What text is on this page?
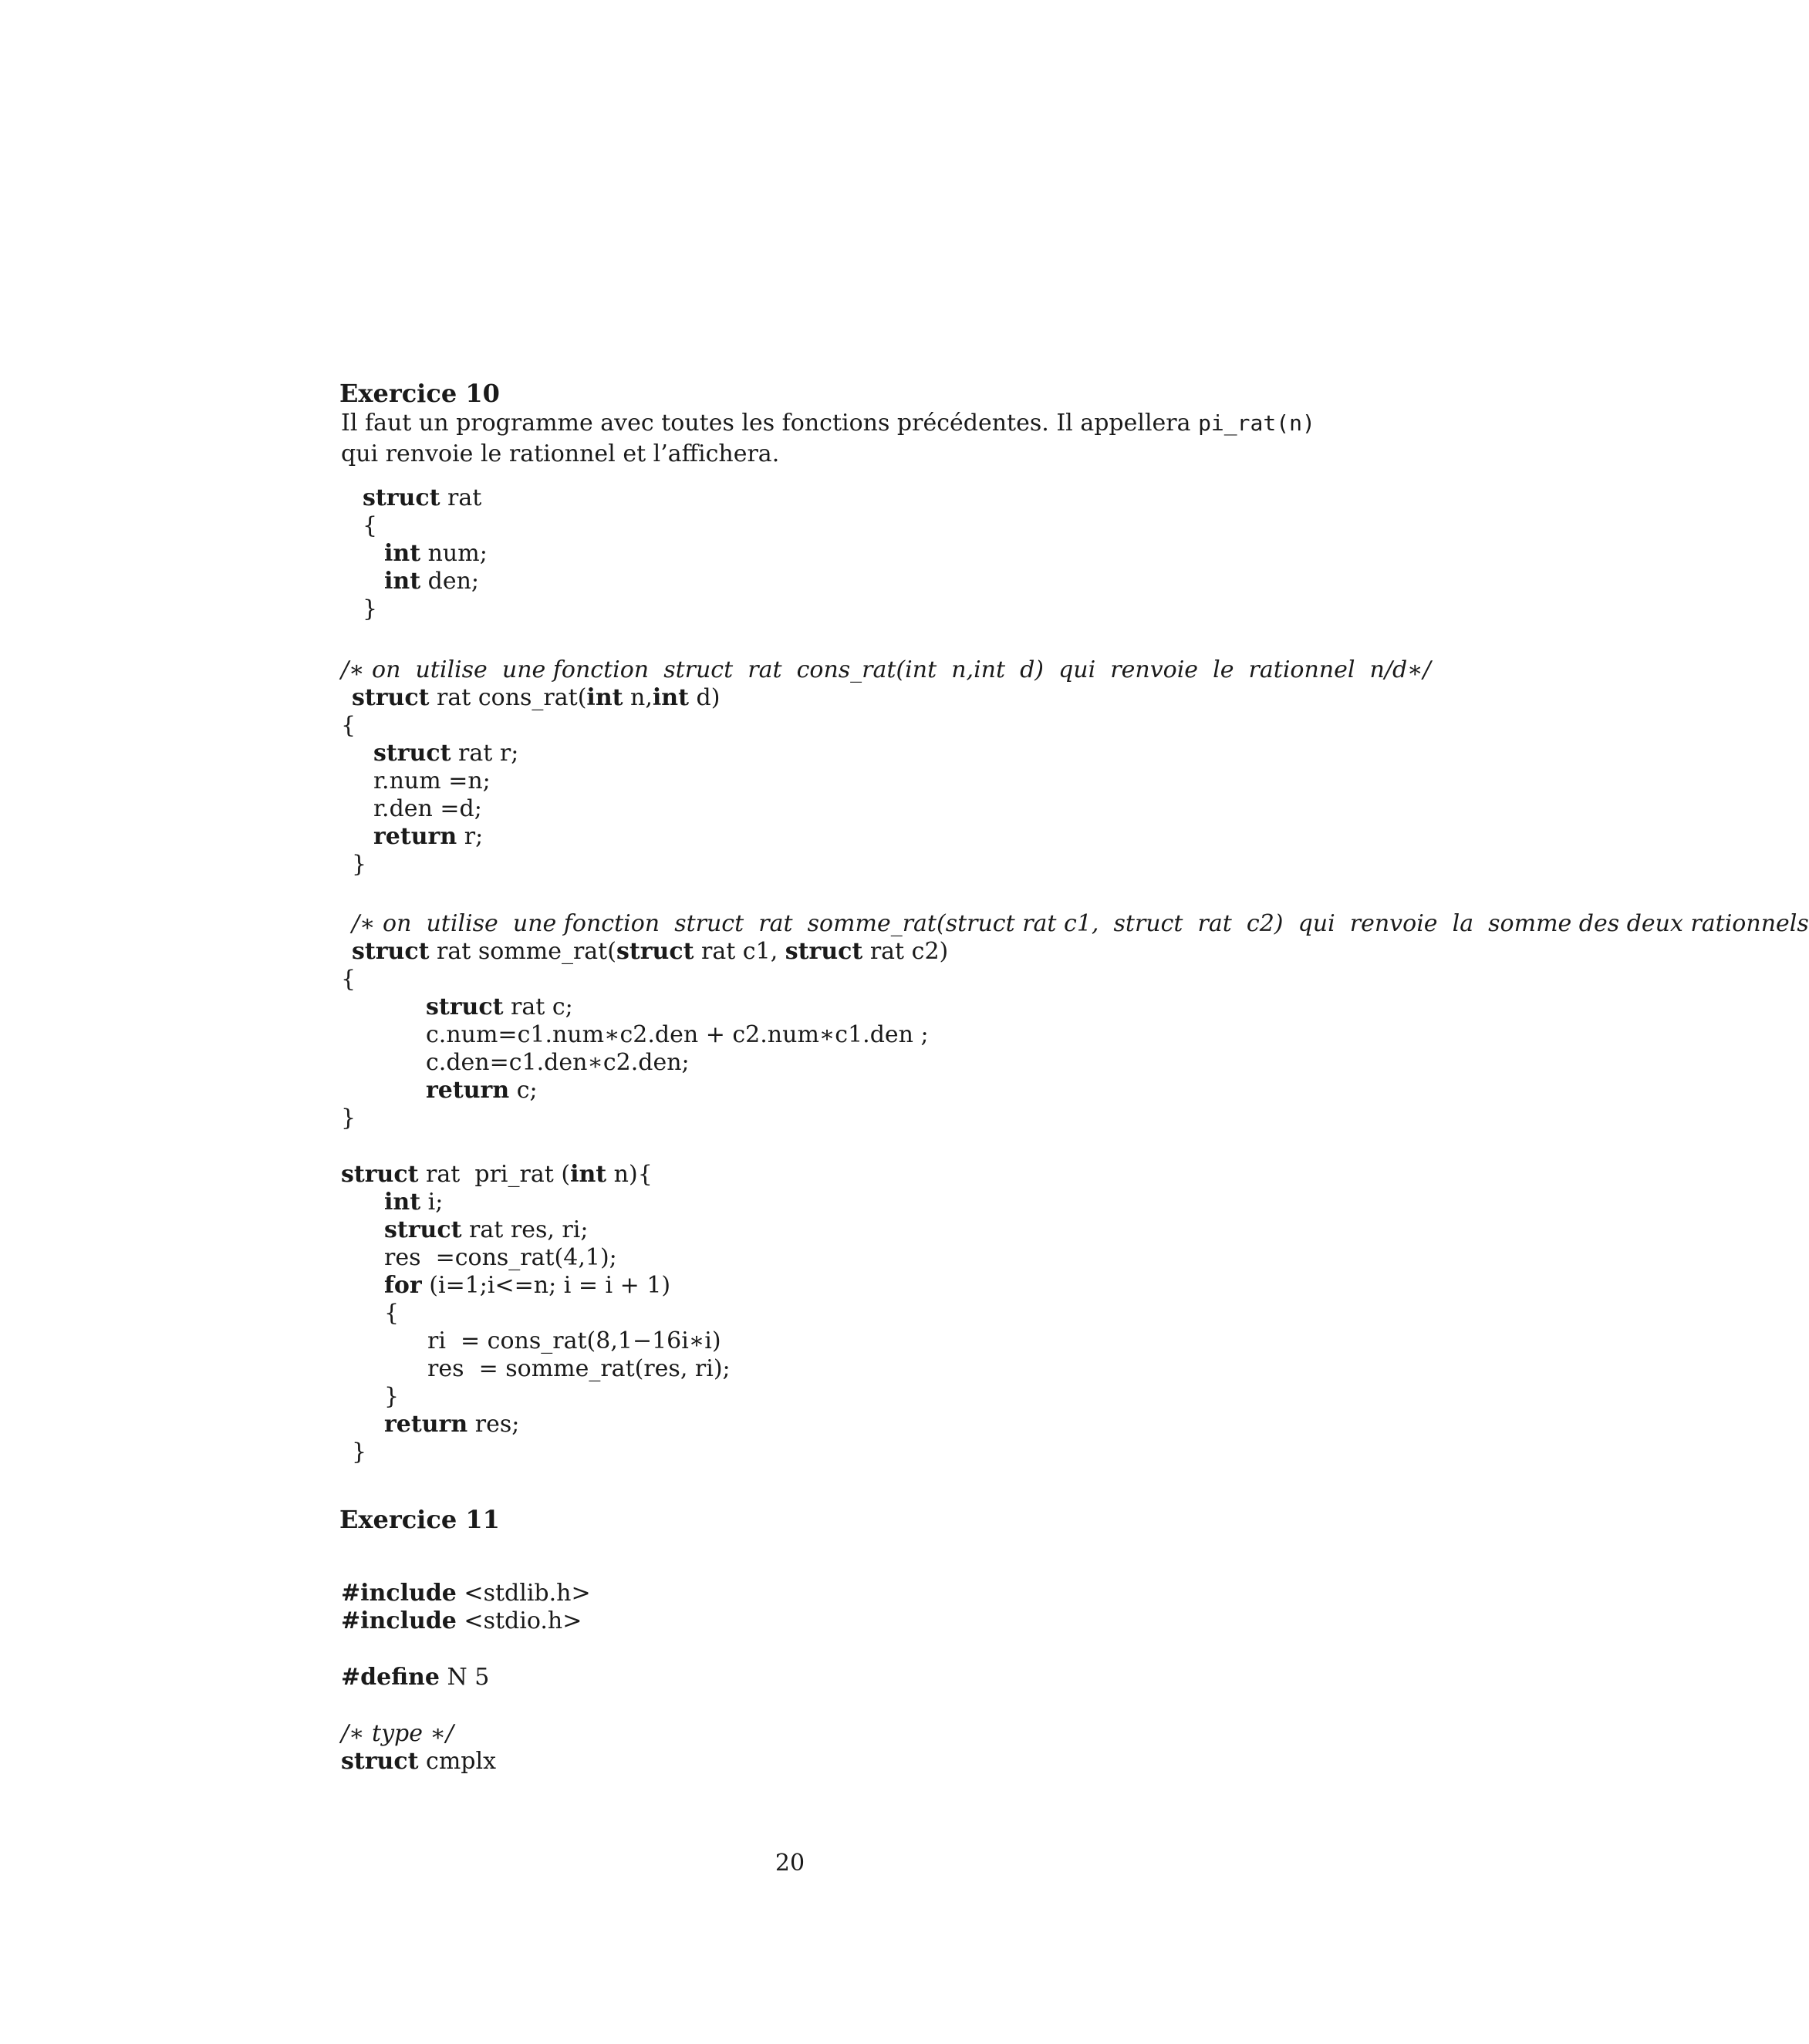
Exercice 10
Il faut un programme avec toutes les fonctions précédentes. Il appellera pi_rat(n)
qui renvoie le rationnel et l’affichera.
struct rat
{
int num;
int den;
}
/∗ on  utilise  une fonction  struct  rat  cons_rat(int  n,int  d)  qui  renvoie  le  rationnel  n/d∗/
struct rat cons_rat(int n,int d)
{
struct rat r;
r.num =n;
r.den =d;
return r;
}
/∗ on  utilise  une fonction  struct  rat  somme_rat(struct rat c1,  struct  rat  c2)  qui  renvoie  la  somme des deux rationnels
struct rat somme_rat(struct rat c1, struct rat c2)
{
struct rat c;
c.num=c1.num∗c2.den + c2.num∗c1.den ;
c.den=c1.den∗c2.den;
return c;
}
struct rat  pri_rat (int n){
int i;
struct rat res, ri;
res  =cons_rat(4,1);
for (i=1;i<=n; i = i + 1)
{
ri  = cons_rat(8,1−16i∗i)
res  = somme_rat(res, ri);
}
return res;
}
Exercice 11
#include <stdlib.h>
#include <stdio.h>
#define N 5
/∗ type ∗/
struct cmplx
20
